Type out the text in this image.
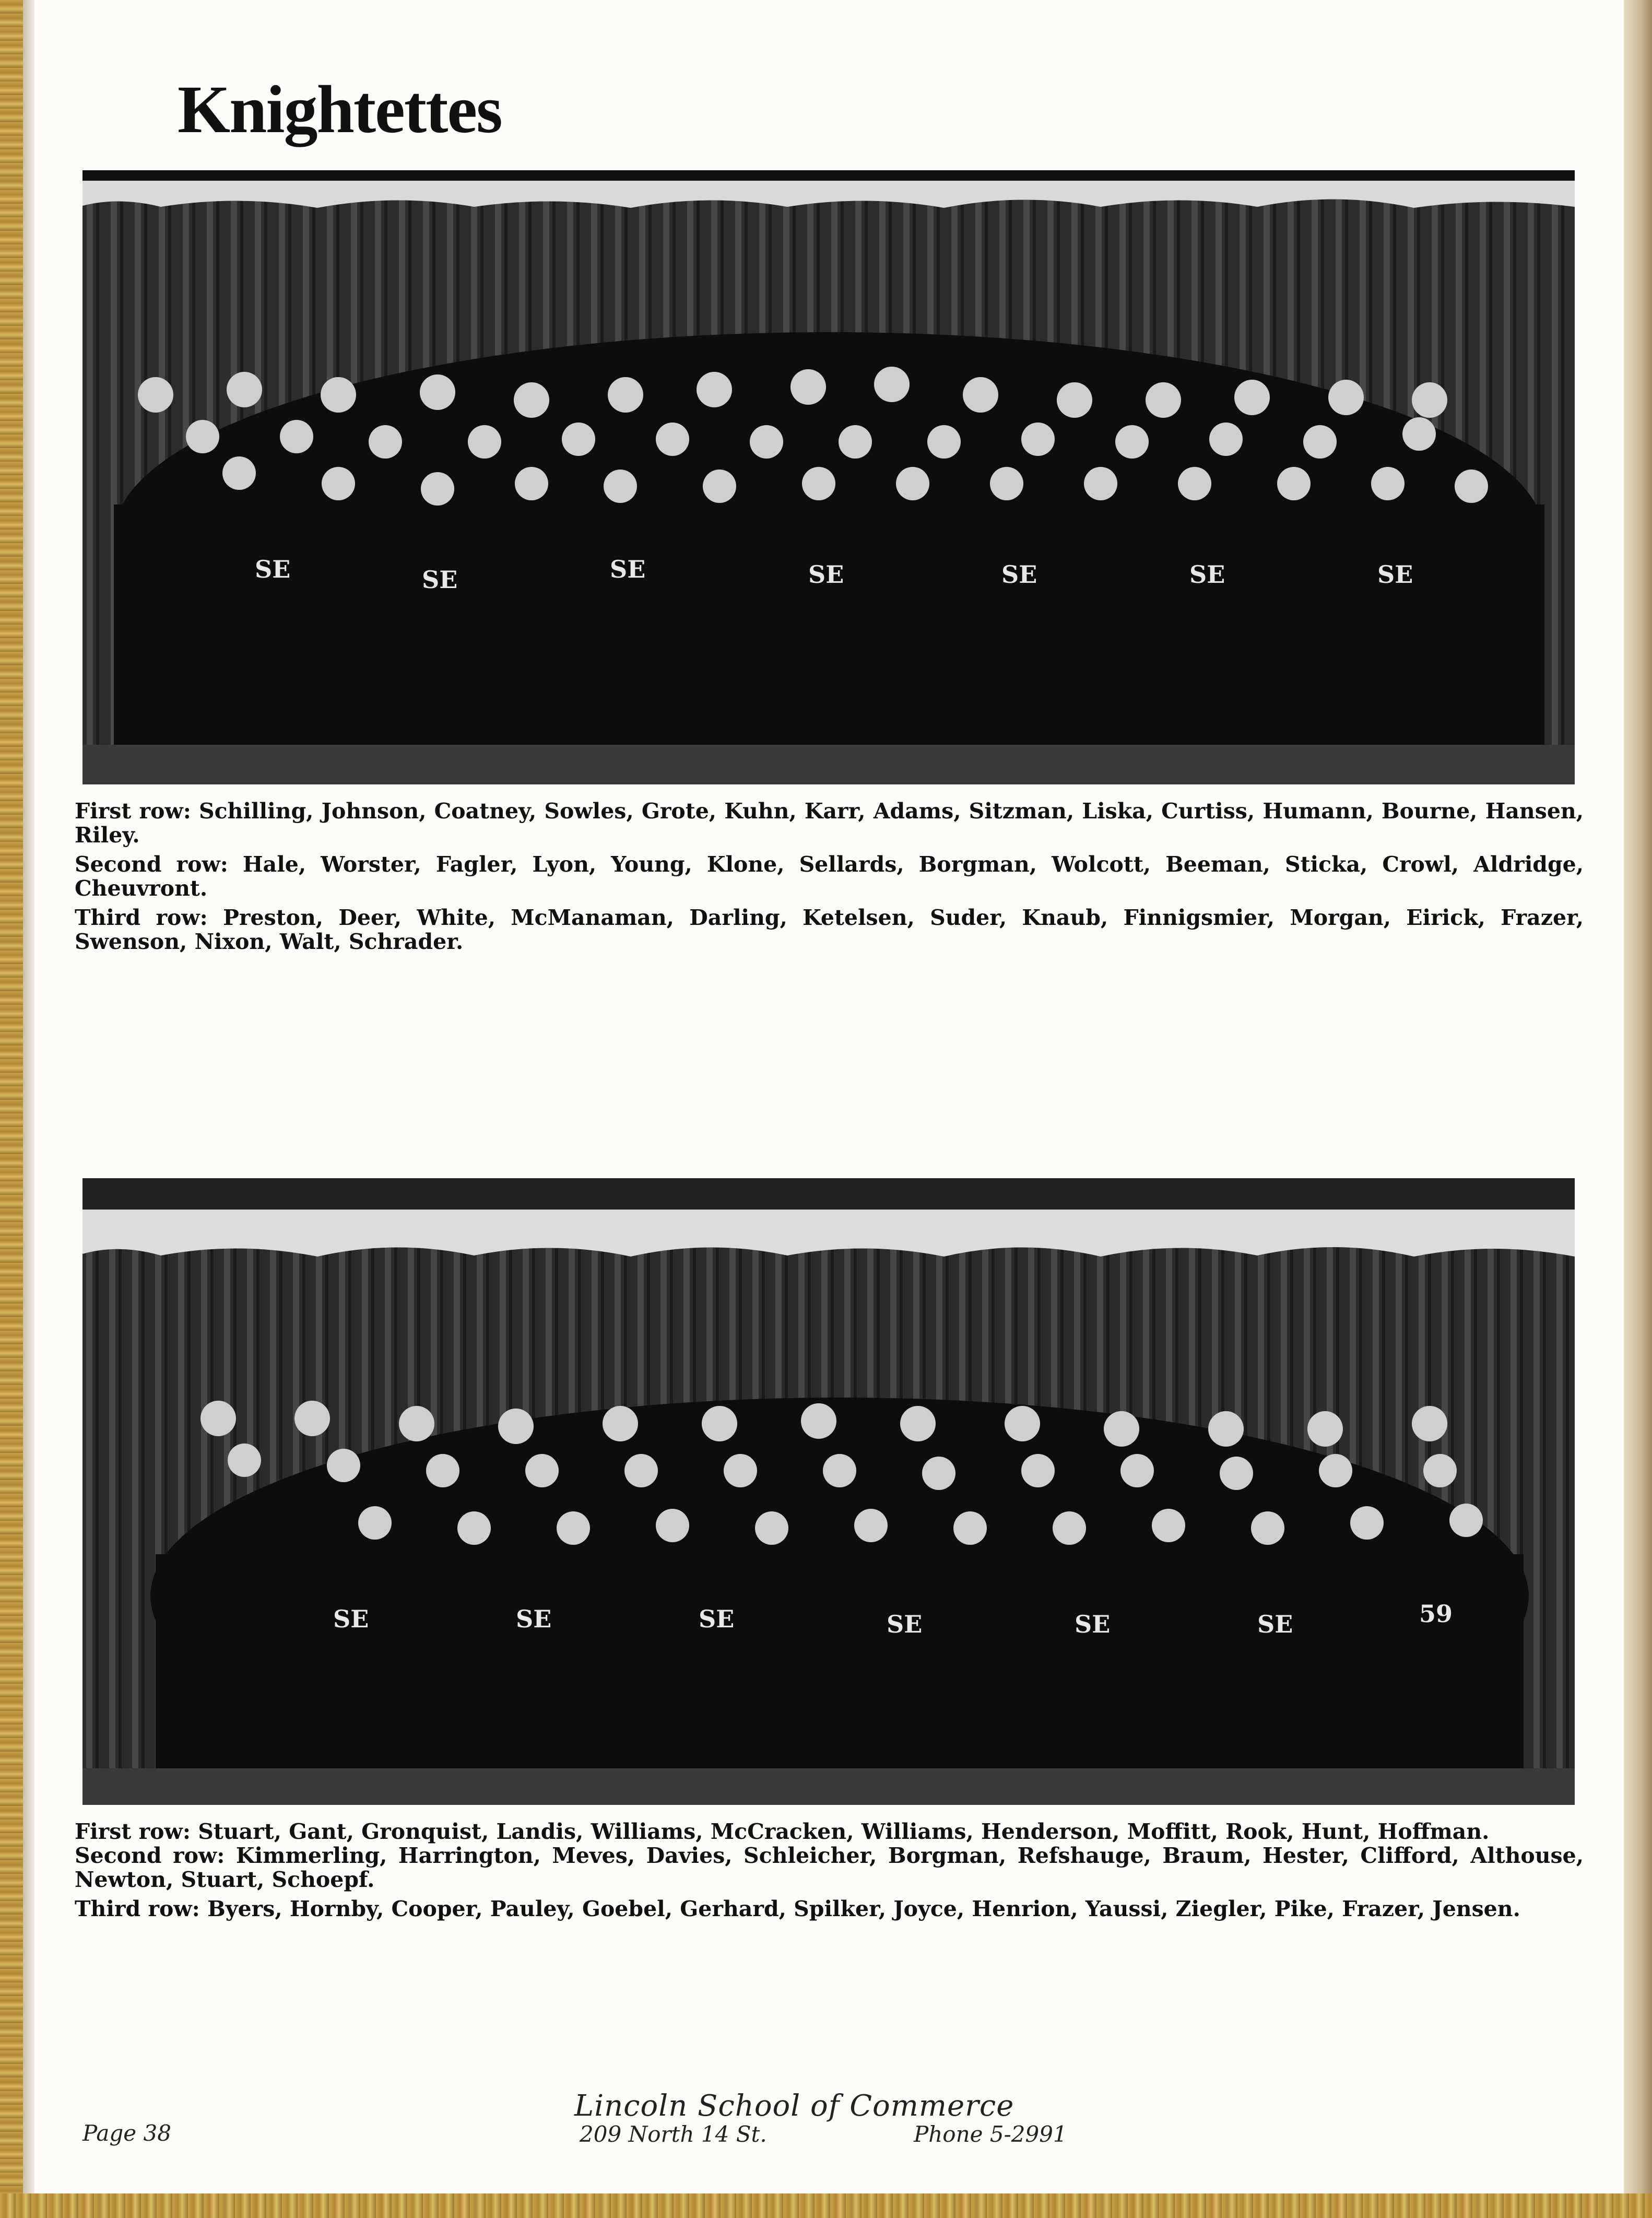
Knightettes
SE	SE	SE	SE	SE	SE	SE

First row: Schilling, Johnson, Coatney, Sowles, Grote, Kuhn, Karr, Adams, Sitzman, Liska, Curtiss, Humann, Bourne, Hansen, Riley.

Second row: Hale, Worster, Fagler, Lyon, Young, Klone, Sellards, Borgman, Wolcott, Beeman, Sticka, Crowl, Aldridge, Cheuvront.

Third row: Preston, Deer, White, McManaman, Darling, Ketelsen, Suder, Knaub, Finnigsmier, Morgan, Eirick, Frazer, Swenson, Nixon, Walt, Schrader.

SE	SE	SE	SE	SE	SE	59

First row: Stuart, Gant, Gronquist, Landis, Williams, McCracken, Williams, Henderson, Moffitt, Rook, Hunt, Hoffman.

Second row: Kimmerling, Harrington, Meves, Davies, Schleicher, Borgman, Refshauge, Braum, Hester, Clifford, Althouse, Newton, Stuart, Schoepf.

Third row: Byers, Hornby, Cooper, Pauley, Goebel, Gerhard, Spilker, Joyce, Henrion, Yaussi, Ziegler, Pike, Frazer, Jensen.

Page 38
Lincoln School of Commerce
209 North 14 St.	Phone 5-2991
